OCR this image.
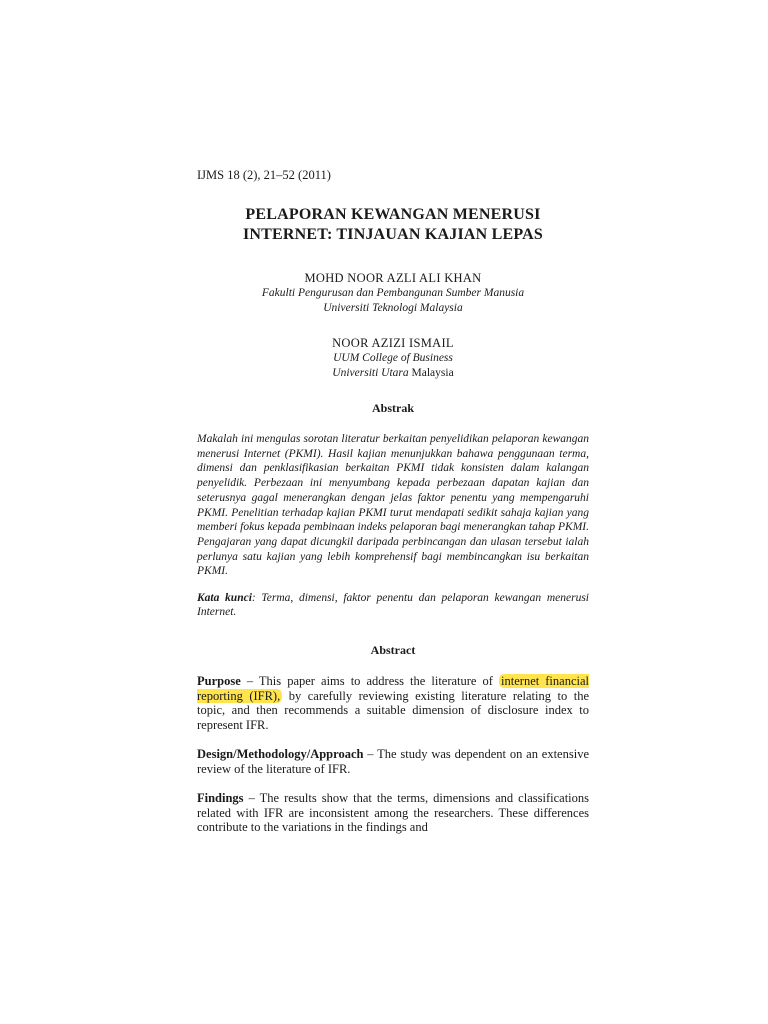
IJMS 18 (2), 21–52 (2011)
PELAPORAN KEWANGAN MENERUSI
INTERNET: TINJAUAN KAJIAN LEPAS
MOHD NOOR AZLI ALI KHAN
Fakulti Pengurusan dan Pembangunan Sumber Manusia
Universiti Teknologi Malaysia
NOOR AZIZI ISMAIL
UUM College of Business
Universiti Utara Malaysia
Abstrak

Makalah ini mengulas sorotan literatur berkaitan penyelidikan pelaporan kewangan menerusi Internet (PKMI). Hasil kajian menunjukkan bahawa penggunaan terma, dimensi dan penklasifikasian berkaitan PKMI tidak konsisten dalam kalangan penyelidik. Perbezaan ini menyumbang kepada perbezaan dapatan kajian dan seterusnya gagal menerangkan dengan jelas faktor penentu yang mempengaruhi PKMI. Penelitian terhadap kajian PKMI turut mendapati sedikit sahaja kajian yang memberi fokus kepada pembinaan indeks pelaporan bagi menerangkan tahap PKMI. Pengajaran yang dapat dicungkil daripada perbincangan dan ulasan tersebut ialah perlunya satu kajian yang lebih komprehensif bagi membincangkan isu berkaitan PKMI.

Kata kunci: Terma, dimensi, faktor penentu dan pelaporan kewangan menerusi Internet.

Abstract

Purpose – This paper aims to address the literature of internet financial reporting (IFR), by carefully reviewing existing literature relating to the topic, and then recommends a suitable dimension of disclosure index to represent IFR.

Design/Methodology/Approach – The study was dependent on an extensive review of the literature of IFR.

Findings – The results show that the terms, dimensions and classifications related with IFR are inconsistent among the researchers. These differences contribute to the variations in the findings and
